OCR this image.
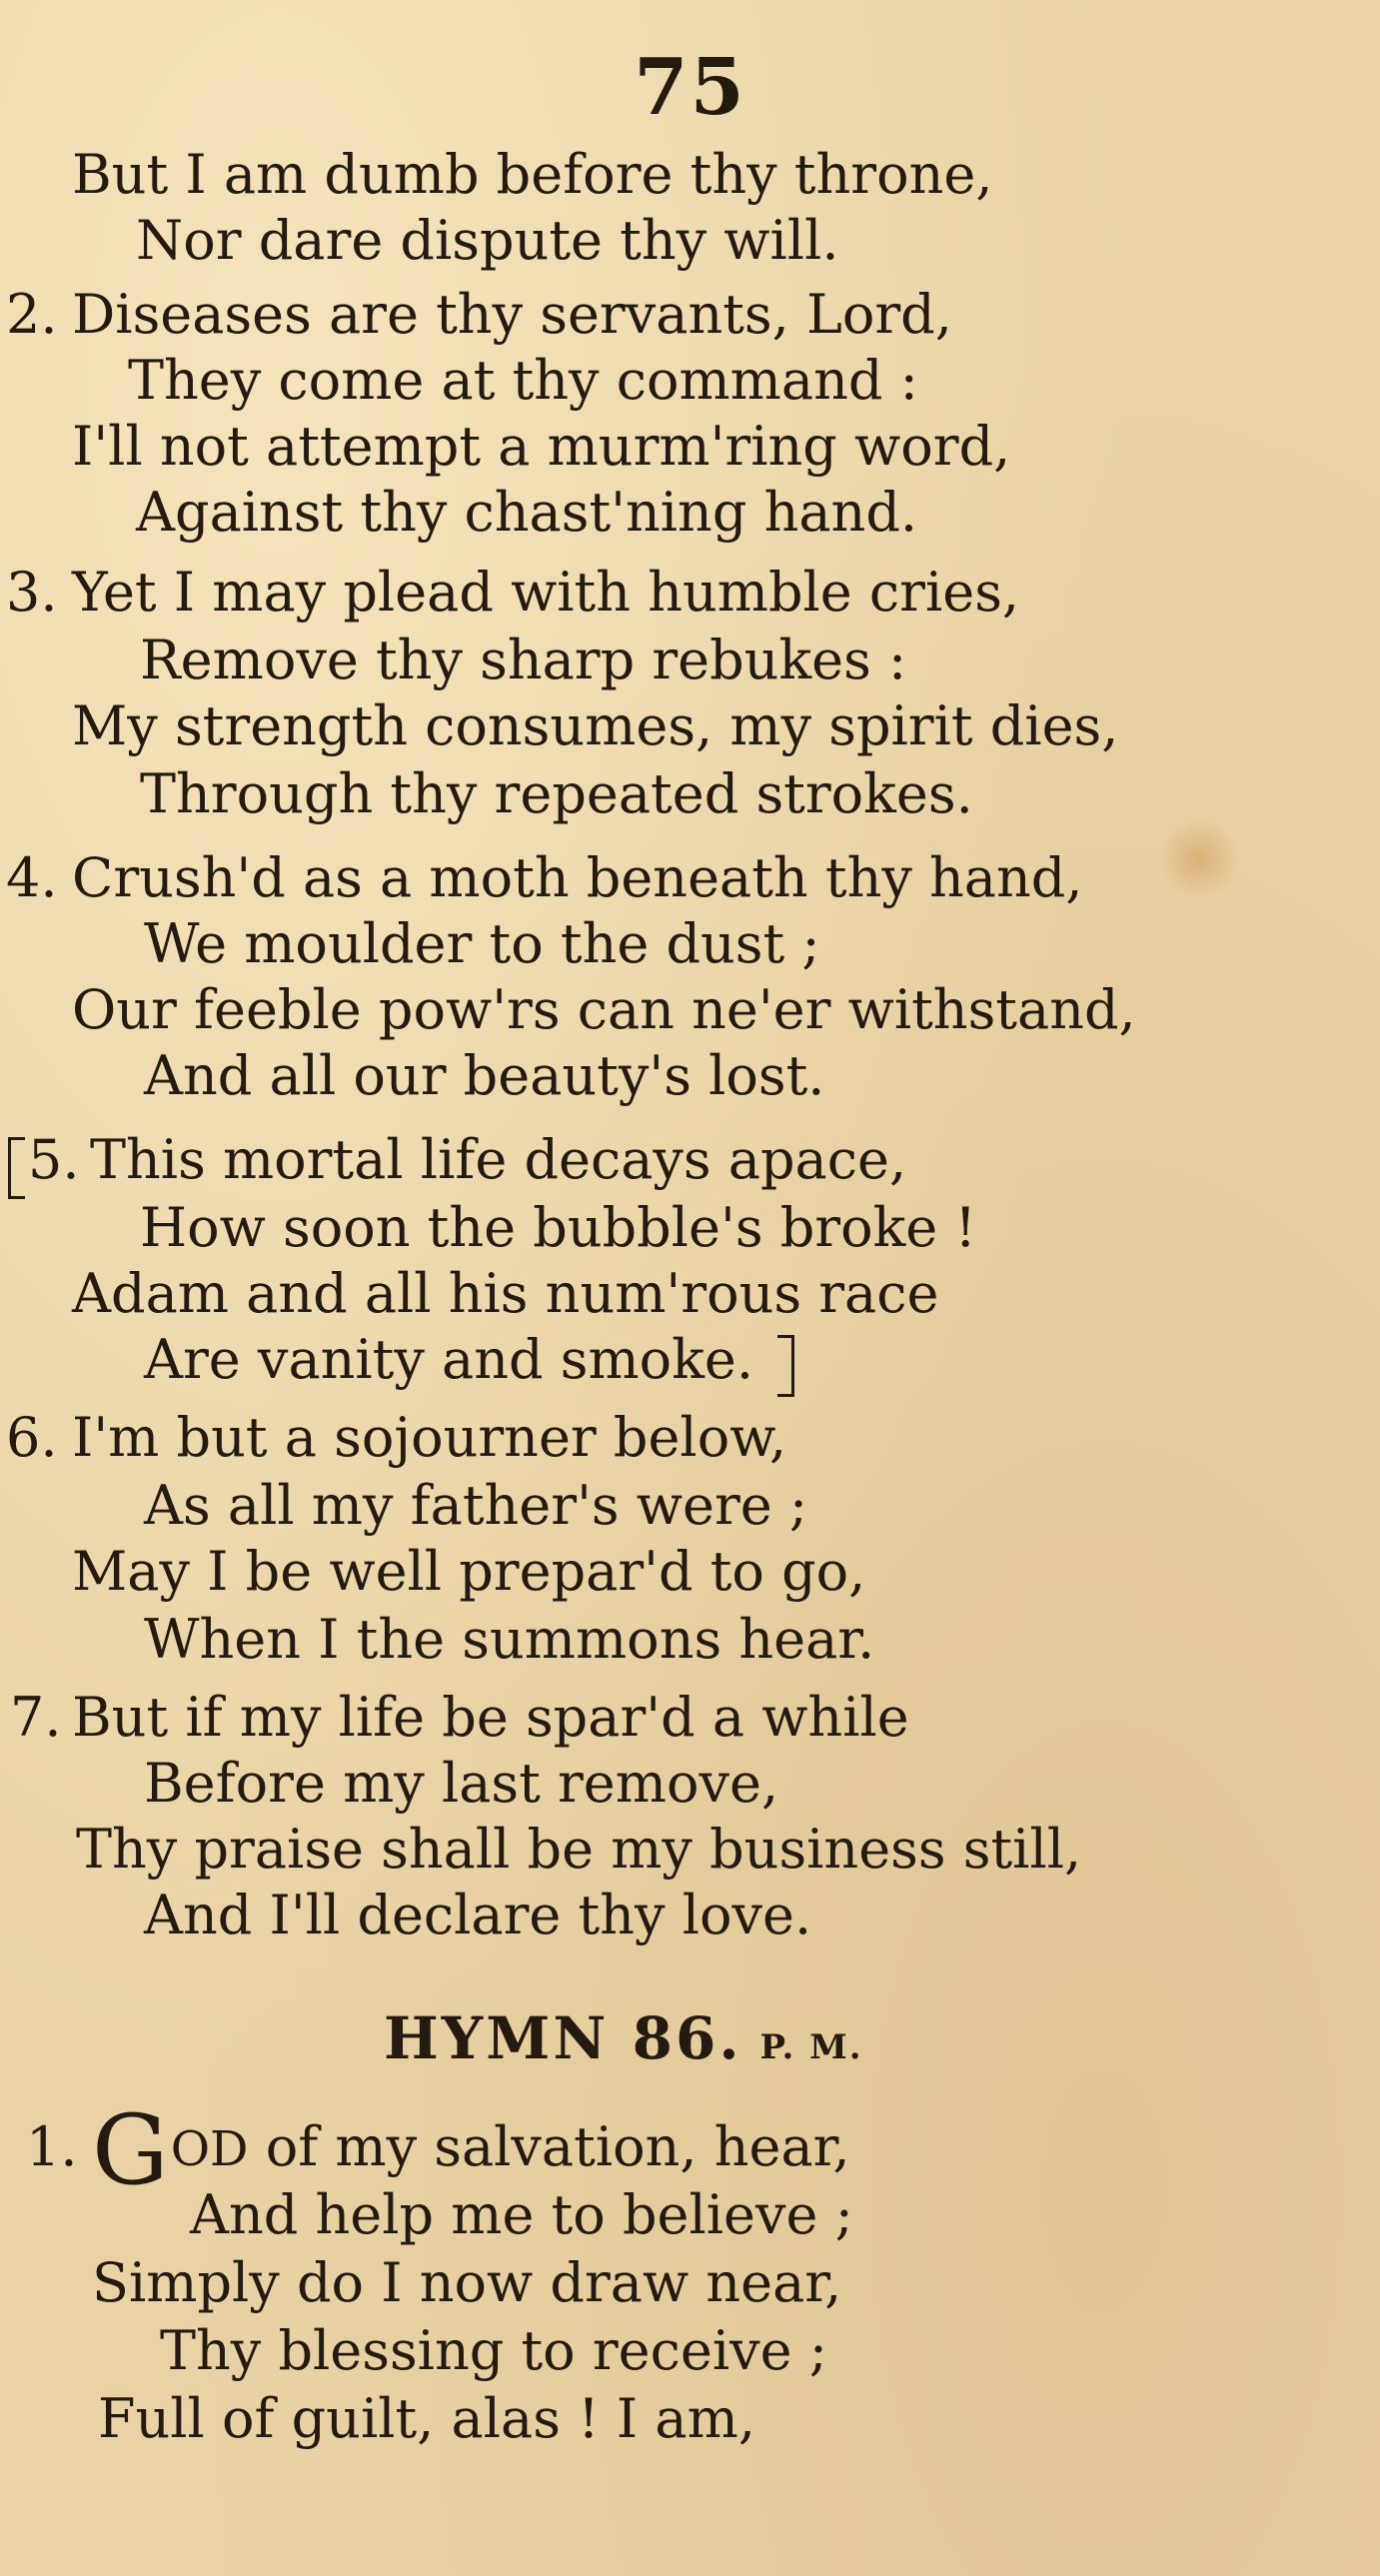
75
But I am dumb before thy throne,
Nor dare dispute thy will.
2. Diseases are thy servants, Lord,
They come at thy command :
I'll not attempt a murm'ring word,
Against thy chast'ning hand.
3. Yet I may plead with humble cries,
Remove thy sharp rebukes :
My strength consumes, my spirit dies,
Through thy repeated strokes.
4. Crush'd as a moth beneath thy hand,
We moulder to the dust ;
Our feeble pow'rs can ne'er withstand,
And all our beauty's lost.
5. This mortal life decays apace,
How soon the bubble's broke !
Adam and all his num'rous race
Are vanity and smoke.
6. I'm but a sojourner below,
As all my father's were ;
May I be well prepar'd to go,
When I the summons hear.
7. But if my life be spar'd a while
Before my last remove,
Thy praise shall be my business still,
And I'll declare thy love.
HYMN 86. P. M.
1. GOD of my salvation, hear,
And help me to believe ;
Simply do I now draw near,
Thy blessing to receive ;
Full of guilt, alas ! I am,
